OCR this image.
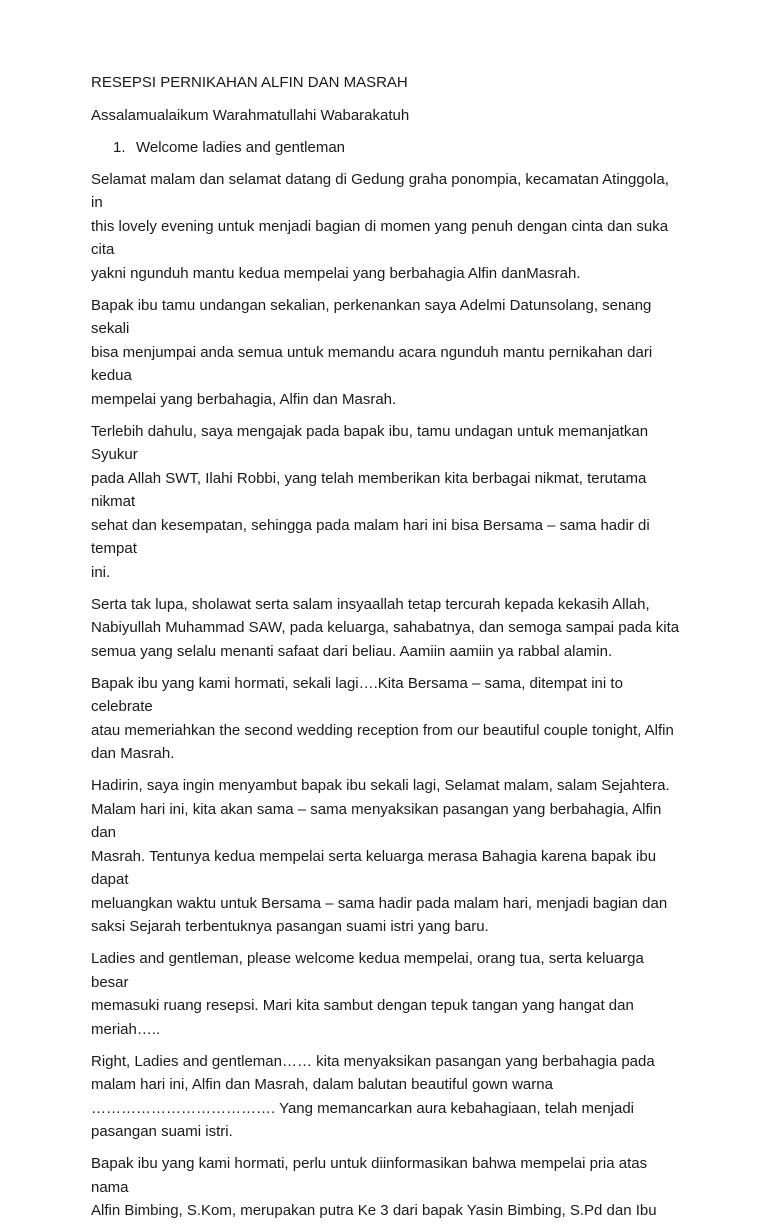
RESEPSI PERNIKAHAN ALFIN DAN MASRAH

Assalamualaikum Warahmatullahi Wabarakatuh

1. Welcome ladies and gentleman

Selamat malam dan selamat datang di Gedung graha ponompia, kecamatan Atinggola, in
this lovely evening untuk menjadi bagian di momen yang penuh dengan cinta dan suka cita
yakni ngunduh mantu kedua mempelai yang berbahagia Alfin danMasrah.

Bapak ibu tamu undangan sekalian, perkenankan saya Adelmi Datunsolang, senang sekali
bisa menjumpai anda semua untuk memandu acara ngunduh mantu pernikahan dari kedua
mempelai yang berbahagia, Alfin dan Masrah.

Terlebih dahulu, saya mengajak pada bapak ibu, tamu undagan untuk memanjatkan Syukur
pada Allah SWT, Ilahi Robbi, yang telah memberikan kita berbagai nikmat, terutama nikmat
sehat dan kesempatan, sehingga pada malam hari ini bisa Bersama – sama hadir di tempat
ini.

Serta tak lupa, sholawat serta salam insyaallah tetap tercurah kepada kekasih Allah,
Nabiyullah Muhammad SAW, pada keluarga, sahabatnya, dan semoga sampai pada kita
semua yang selalu menanti safaat dari beliau. Aamiin aamiin ya rabbal alamin.

Bapak ibu yang kami hormati, sekali lagi….Kita Bersama – sama, ditempat ini to celebrate
atau memeriahkan the second wedding reception from our beautiful couple tonight, Alfin
dan Masrah.

Hadirin, saya ingin menyambut bapak ibu sekali lagi, Selamat malam, salam Sejahtera.
Malam hari ini, kita akan sama – sama menyaksikan pasangan yang berbahagia, Alfin dan
Masrah. Tentunya kedua mempelai serta keluarga merasa Bahagia karena bapak ibu dapat
meluangkan waktu untuk Bersama – sama hadir pada malam hari, menjadi bagian dan
saksi Sejarah terbentuknya pasangan suami istri yang baru.

Ladies and gentleman, please welcome kedua mempelai, orang tua, serta keluarga besar
memasuki ruang resepsi. Mari kita sambut dengan tepuk tangan yang hangat dan
meriah…..

Right, Ladies and gentleman…… kita menyaksikan pasangan yang berbahagia pada
malam hari ini, Alfin dan Masrah, dalam balutan beautiful gown warna
………………………………. Yang memancarkan aura kebahagiaan, telah menjadi
pasangan suami istri.

Bapak ibu yang kami hormati, perlu untuk diinformasikan bahwa mempelai pria atas nama
Alfin Bimbing, S.Kom, merupakan putra Ke 3 dari bapak Yasin Bimbing, S.Pd dan Ibu
